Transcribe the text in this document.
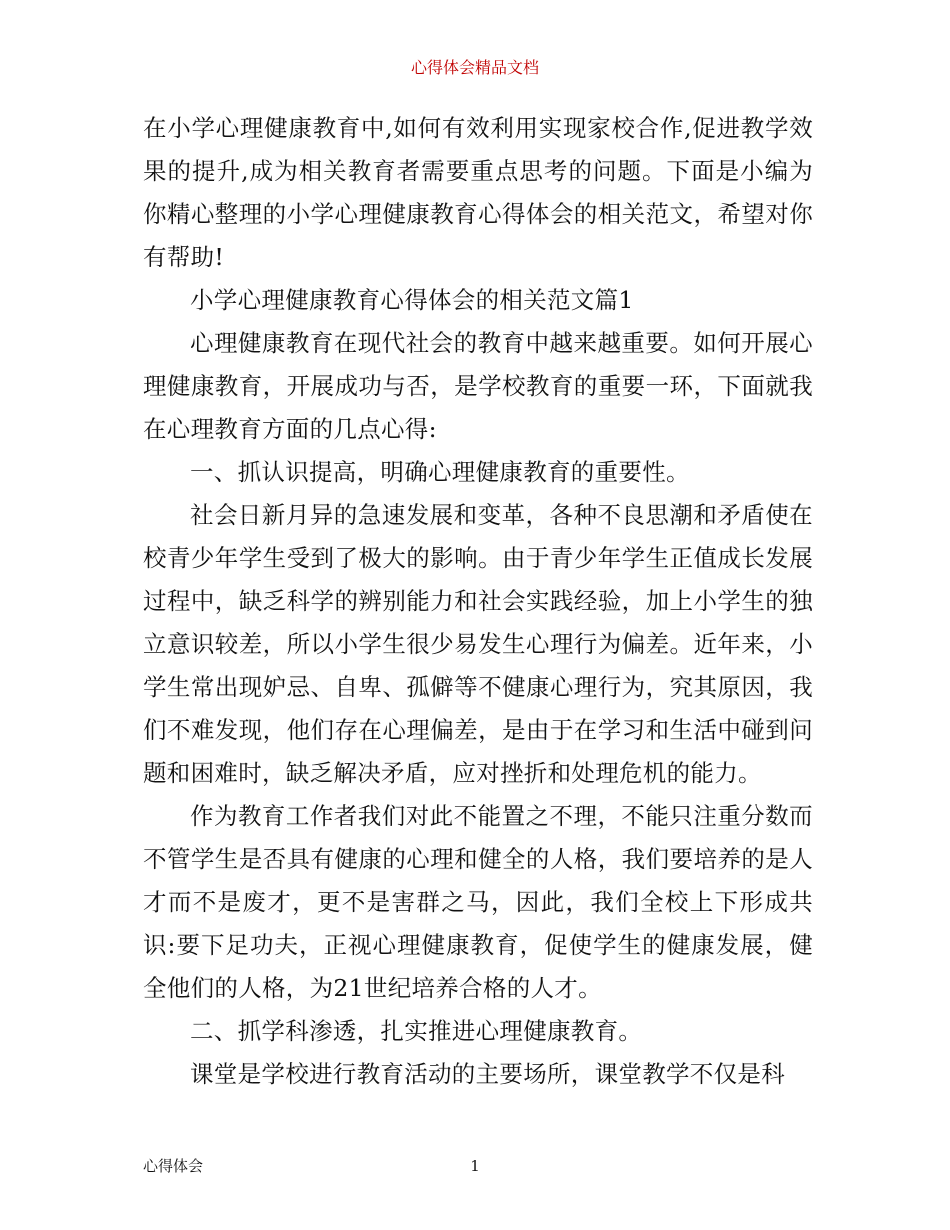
心得体会精品文档

在小学心理健康教育中,如何有效利用实现家校合作,促进教学效果的提升,成为相关教育者需要重点思考的问题。下面是小编为你精心整理的小学心理健康教育心得体会的相关范文，希望对你有帮助!

小学心理健康教育心得体会的相关范文篇1

心理健康教育在现代社会的教育中越来越重要。如何开展心理健康教育，开展成功与否，是学校教育的重要一环，下面就我在心理教育方面的几点心得:

一、抓认识提高，明确心理健康教育的重要性。

社会日新月异的急速发展和变革，各种不良思潮和矛盾使在校青少年学生受到了极大的影响。由于青少年学生正值成长发展过程中，缺乏科学的辨别能力和社会实践经验，加上小学生的独立意识较差，所以小学生很少易发生心理行为偏差。近年来，小学生常出现妒忌、自卑、孤僻等不健康心理行为，究其原因，我们不难发现，他们存在心理偏差，是由于在学习和生活中碰到问题和困难时，缺乏解决矛盾，应对挫折和处理危机的能力。

作为教育工作者我们对此不能置之不理，不能只注重分数而不管学生是否具有健康的心理和健全的人格，我们要培养的是人才而不是废才，更不是害群之马，因此，我们全校上下形成共识:要下足功夫，正视心理健康教育，促使学生的健康发展，健全他们的人格，为21世纪培养合格的人才。

二、抓学科渗透，扎实推进心理健康教育。

课堂是学校进行教育活动的主要场所，课堂教学不仅是科

心得体会	1
